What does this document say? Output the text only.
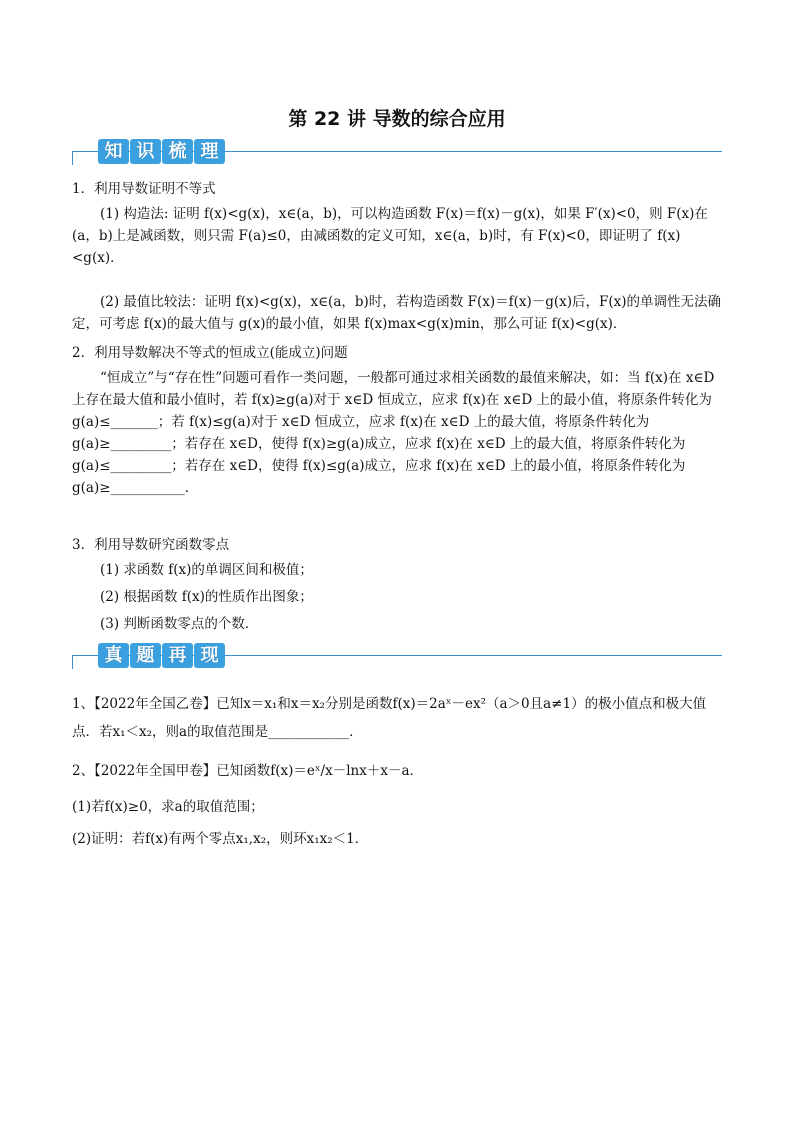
第 22 讲 导数的综合应用
知 识 梳 理

1．利用导数证明不等式

(1) 构造法: 证明 f(x)<g(x)，x∈(a，b)，可以构造函数 F(x)＝f(x)－g(x)，如果 F′(x)<0，则 F(x)在(a，b)上是减函数，则只需 F(a)≤0，由减函数的定义可知，x∈(a，b)时，有 F(x)<0，即证明了 f(x)<g(x)．

(2) 最值比较法：证明 f(x)<g(x)，x∈(a，b)时，若构造函数 F(x)＝f(x)－g(x)后，F(x)的单调性无法确定，可考虑 f(x)的最大值与 g(x)的最小值，如果 f(x)max<g(x)min，那么可证 f(x)<g(x)．

2．利用导数解决不等式的恒成立(能成立)问题

“恒成立”与“存在性”问题可看作一类问题，一般都可通过求相关函数的最值来解决，如：当 f(x)在 x∈D 上存在最大值和最小值时，若 f(x)≥g(a)对于 x∈D 恒成立，应求 f(x)在 x∈D 上的最小值，将原条件转化为 g(a)≤_______；若 f(x)≤g(a)对于 x∈D 恒成立，应求 f(x)在 x∈D 上的最大值，将原条件转化为 g(a)≥_________；若存在 x∈D，使得 f(x)≥g(a)成立，应求 f(x)在 x∈D 上的最大值，将原条件转化为 g(a)≤_________；若存在 x∈D，使得 f(x)≤g(a)成立，应求 f(x)在 x∈D 上的最小值，将原条件转化为 g(a)≥___________．

3．利用导数研究函数零点

(1) 求函数 f(x)的单调区间和极值；

(2) 根据函数 f(x)的性质作出图象；

(3) 判断函数零点的个数．

真 题 再 现

1、【2022年全国乙卷】已知x＝x₁和x＝x₂分别是函数f(x)＝2aˣ－ex²（a＞0且a≠1）的极小值点和极大值点．若x₁＜x₂，则a的取值范围是____________．

2、【2022年全国甲卷】已知函数f(x)＝eˣ/x－lnx＋x－a．

(1)若f(x)≥0，求a的取值范围；

(2)证明：若f(x)有两个零点x₁,x₂，则环x₁x₂＜1．
